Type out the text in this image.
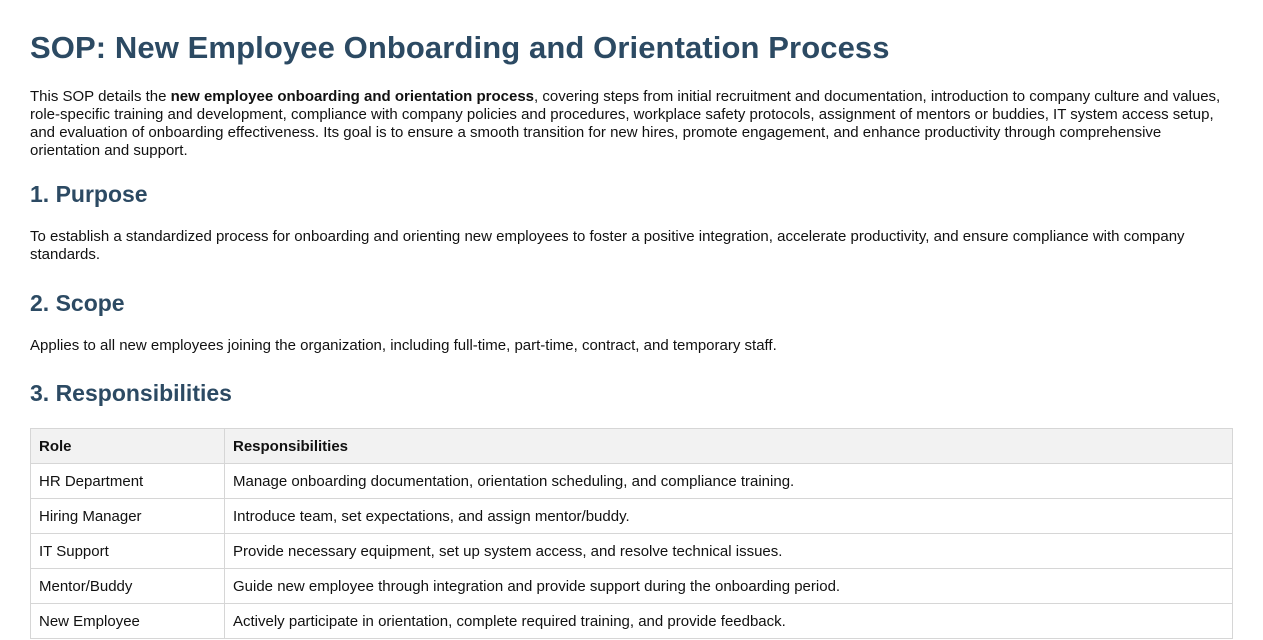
SOP: New Employee Onboarding and Orientation Process

This SOP details the new employee onboarding and orientation process, covering steps from initial recruitment and documentation, introduction to company culture and values, role-specific training and development, compliance with company policies and procedures, workplace safety protocols, assignment of mentors or buddies, IT system access setup, and evaluation of onboarding effectiveness. Its goal is to ensure a smooth transition for new hires, promote engagement, and enhance productivity through comprehensive orientation and support.

1. Purpose

To establish a standardized process for onboarding and orienting new employees to foster a positive integration, accelerate productivity, and ensure compliance with company standards.

2. Scope

Applies to all new employees joining the organization, including full-time, part-time, contract, and temporary staff.

3. Responsibilities
Role	Responsibilities
HR Department	Manage onboarding documentation, orientation scheduling, and compliance training.
Hiring Manager	Introduce team, set expectations, and assign mentor/buddy.
IT Support	Provide necessary equipment, set up system access, and resolve technical issues.
Mentor/Buddy	Guide new employee through integration and provide support during the onboarding period.
New Employee	Actively participate in orientation, complete required training, and provide feedback.
